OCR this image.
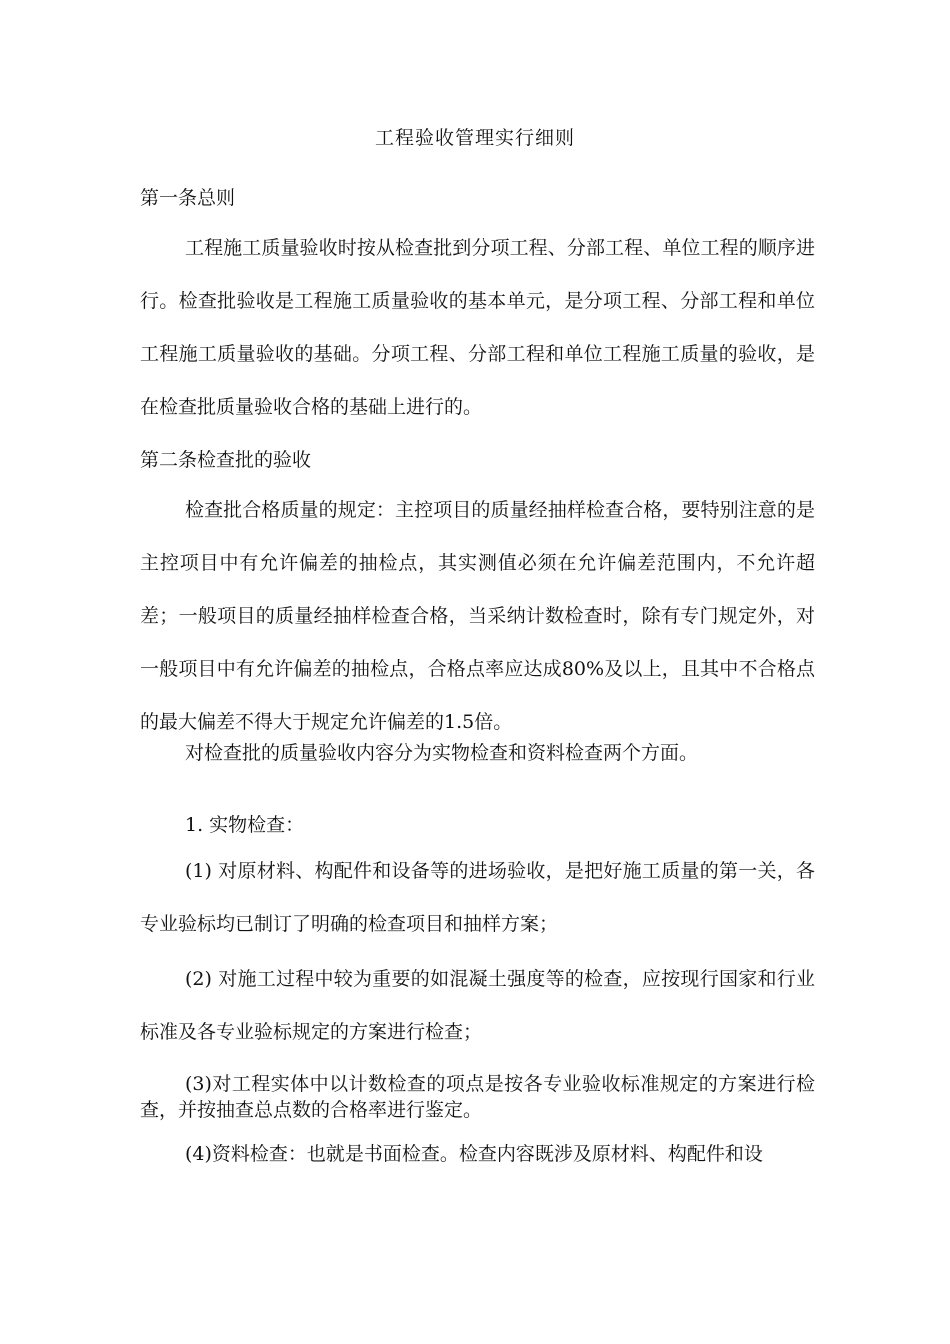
工程验收管理实行细则
第一条总则
工程施工质量验收时按从检查批到分项工程、分部工程、单位工程的顺序进行。检查批验收是工程施工质量验收的基本单元，是分项工程、分部工程和单位工程施工质量验收的基础。分项工程、分部工程和单位工程施工质量的验收，是在检查批质量验收合格的基础上进行的。
第二条检查批的验收
检查批合格质量的规定：主控项目的质量经抽样检查合格，要特别注意的是主控项目中有允许偏差的抽检点，其实测值必须在允许偏差范围内，不允许超差；一般项目的质量经抽样检查合格，当采纳计数检查时，除有专门规定外，对一般项目中有允许偏差的抽检点，合格点率应达成80%及以上，且其中不合格点的最大偏差不得大于规定允许偏差的1.5倍。
对检查批的质量验收内容分为实物检查和资料检查两个方面。
1. 实物检查：
(1) 对原材料、构配件和设备等的进场验收，是把好施工质量的第一关，各专业验标均已制订了明确的检查项目和抽样方案；
(2) 对施工过程中较为重要的如混凝土强度等的检查，应按现行国家和行业标准及各专业验标规定的方案进行检查；
(3)对工程实体中以计数检查的项点是按各专业验收标准规定的方案进行检查，并按抽查总点数的合格率进行鉴定。
(4)资料检查：也就是书面检查。检查内容既涉及原材料、构配件和设
